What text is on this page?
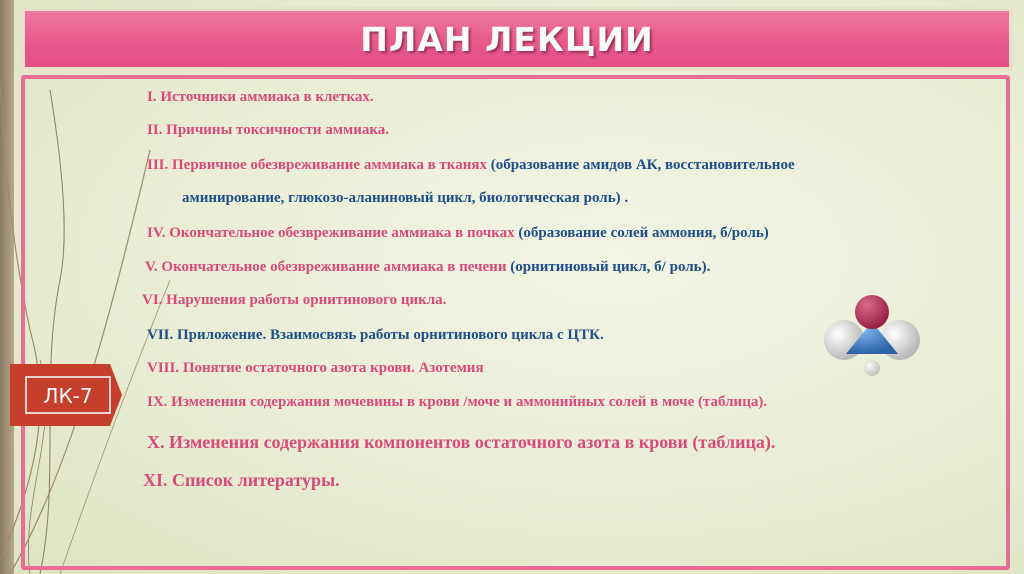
ПЛАН ЛЕКЦИИ
I. Источники аммиака в клетках.
II. Причины токсичности аммиака.
III. Первичное обезвреживание аммиака в тканях (образование амидов АК, восстановительное
аминирование, глюкозо-аланиновый цикл, биологическая роль) .
IV. Окончательное обезвреживание аммиака в почках (образование солей аммония, б/роль)
V. Окончательное обезвреживание аммиака в печени (орнитиновый цикл, б/ роль).
VI. Нарушения работы орнитинового цикла.
VII. Приложение. Взаимосвязь работы орнитинового цикла с ЦТК.
VIII. Понятие остаточного азота крови. Азотемия
IX. Изменения содержания мочевины в крови /моче и аммонийных солей в моче (таблица).
X. Изменения содержания компонентов остаточного азота в крови (таблица).
XI. Список литературы.
ЛК-7
